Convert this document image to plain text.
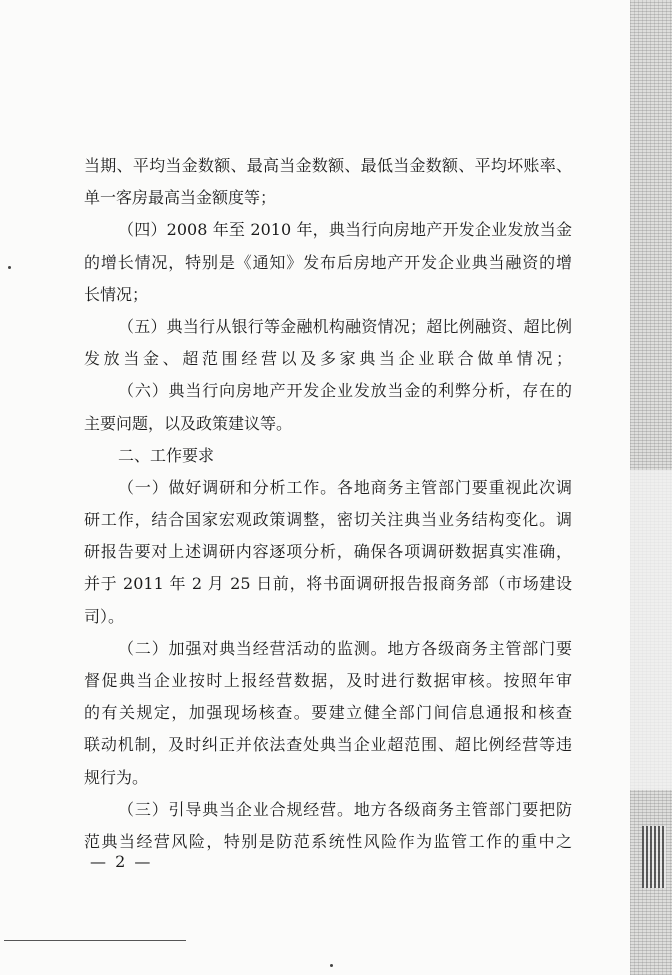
当期、平均当金数额、最高当金数额、最低当金数额、平均坏账率、
单一客房最高当金额度等；
（四）2008 年至 2010 年，典当行向房地产开发企业发放当金
的增长情况，特别是《通知》发布后房地产开发企业典当融资的增
长情况；
（五）典当行从银行等金融机构融资情况；超比例融资、超比例
发放当金、超范围经营以及多家典当企业联合做单情况；
（六）典当行向房地产开发企业发放当金的利弊分析，存在的
主要问题，以及政策建议等。
二、工作要求
（一）做好调研和分析工作。各地商务主管部门要重视此次调
研工作，结合国家宏观政策调整，密切关注典当业务结构变化。调
研报告要对上述调研内容逐项分析，确保各项调研数据真实准确，
并于 2011 年 2 月 25 日前，将书面调研报告报商务部（市场建设
司）。
（二）加强对典当经营活动的监测。地方各级商务主管部门要
督促典当企业按时上报经营数据，及时进行数据审核。按照年审
的有关规定，加强现场核查。要建立健全部门间信息通报和核查
联动机制，及时纠正并依法查处典当企业超范围、超比例经营等违
规行为。
（三）引导典当企业合规经营。地方各级商务主管部门要把防
范典当经营风险，特别是防范系统性风险作为监管工作的重中之
— 2 —
